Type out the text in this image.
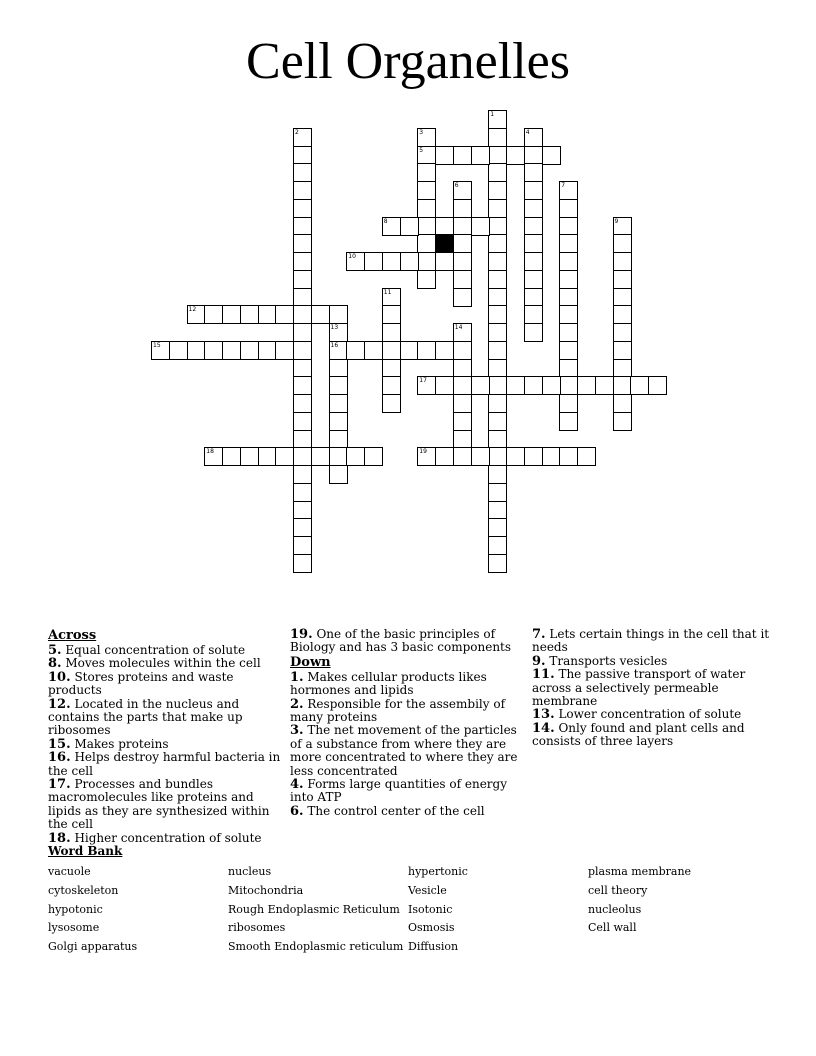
Cell Organelles
1
2	3
5
4
6	7
8	9
10
11
12
13
16
14
15
17
18	19
Across
5. Equal concentration of solute
8. Moves molecules within the cell
10. Stores proteins and waste products
12. Located in the nucleus and contains the parts that make up ribosomes
15. Makes proteins
16. Helps destroy harmful bacteria in the cell
17. Processes and bundles macromolecules like proteins and lipids as they are synthesized within the cell
18. Higher concentration of solute
19. One of the basic principles of Biology and has 3 basic components
Down
1. Makes cellular products likes hormones and lipids
2. Responsible for the assembily of many proteins
3. The net movement of the particles of a substance from where they are more concentrated to where they are less concentrated
4. Forms large quantities of energy into ATP
6. The control center of the cell
7. Lets certain things in the cell that it needs
9. Transports vesicles
11. The passive transport of water across a selectively permeable membrane
13. Lower concentration of solute
14. Only found and plant cells and consists of three layers
Word Bank
vacuole
cytoskeleton
hypotonic
lysosome
Golgi apparatus
nucleus
Mitochondria
Rough Endoplasmic Reticulum
ribosomes
Smooth Endoplasmic reticulum
hypertonic
Vesicle
Isotonic
Osmosis
Diffusion
plasma membrane
cell theory
nucleolus
Cell wall
